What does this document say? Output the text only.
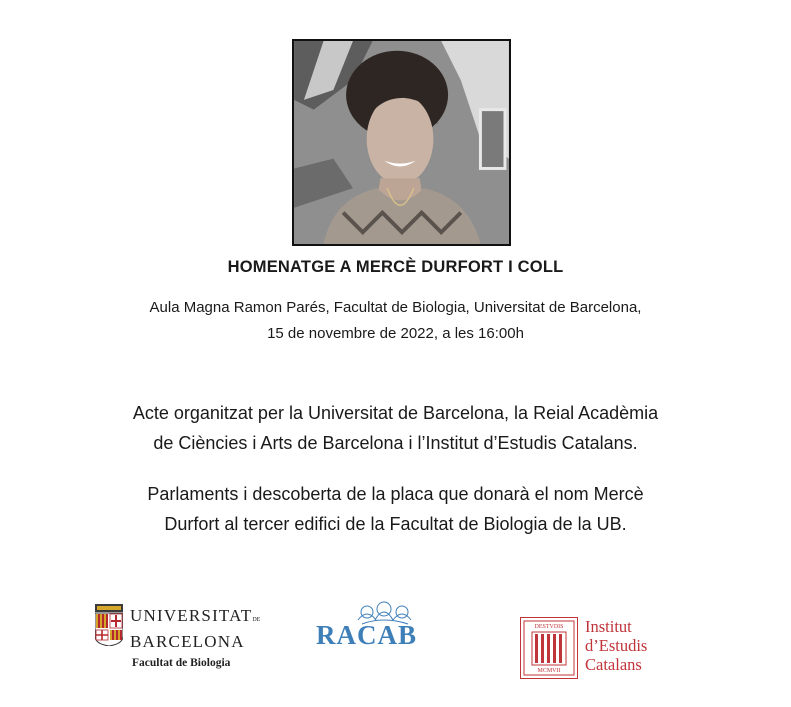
HOMENATGE A MERCÈ DURFORT I COLL
Aula Magna Ramon Parés, Facultat de Biologia, Universitat de Barcelona,
15 de novembre de 2022, a les 16:00h
Acte organitzat per la Universitat de Barcelona, la Reial Acadèmia
de Ciències i Arts de Barcelona i l’Institut d’Estudis Catalans.
Parlaments i descoberta de la placa que donarà el nom Mercè
Durfort al tercer edifici de la Facultat de Biologia de la UB.
UNIVERSITATDE
BARCELONA
Facultat de Biologia
RACAB	DESTVDIS
MCMVII
Institut
d’Estudis
Catalans
